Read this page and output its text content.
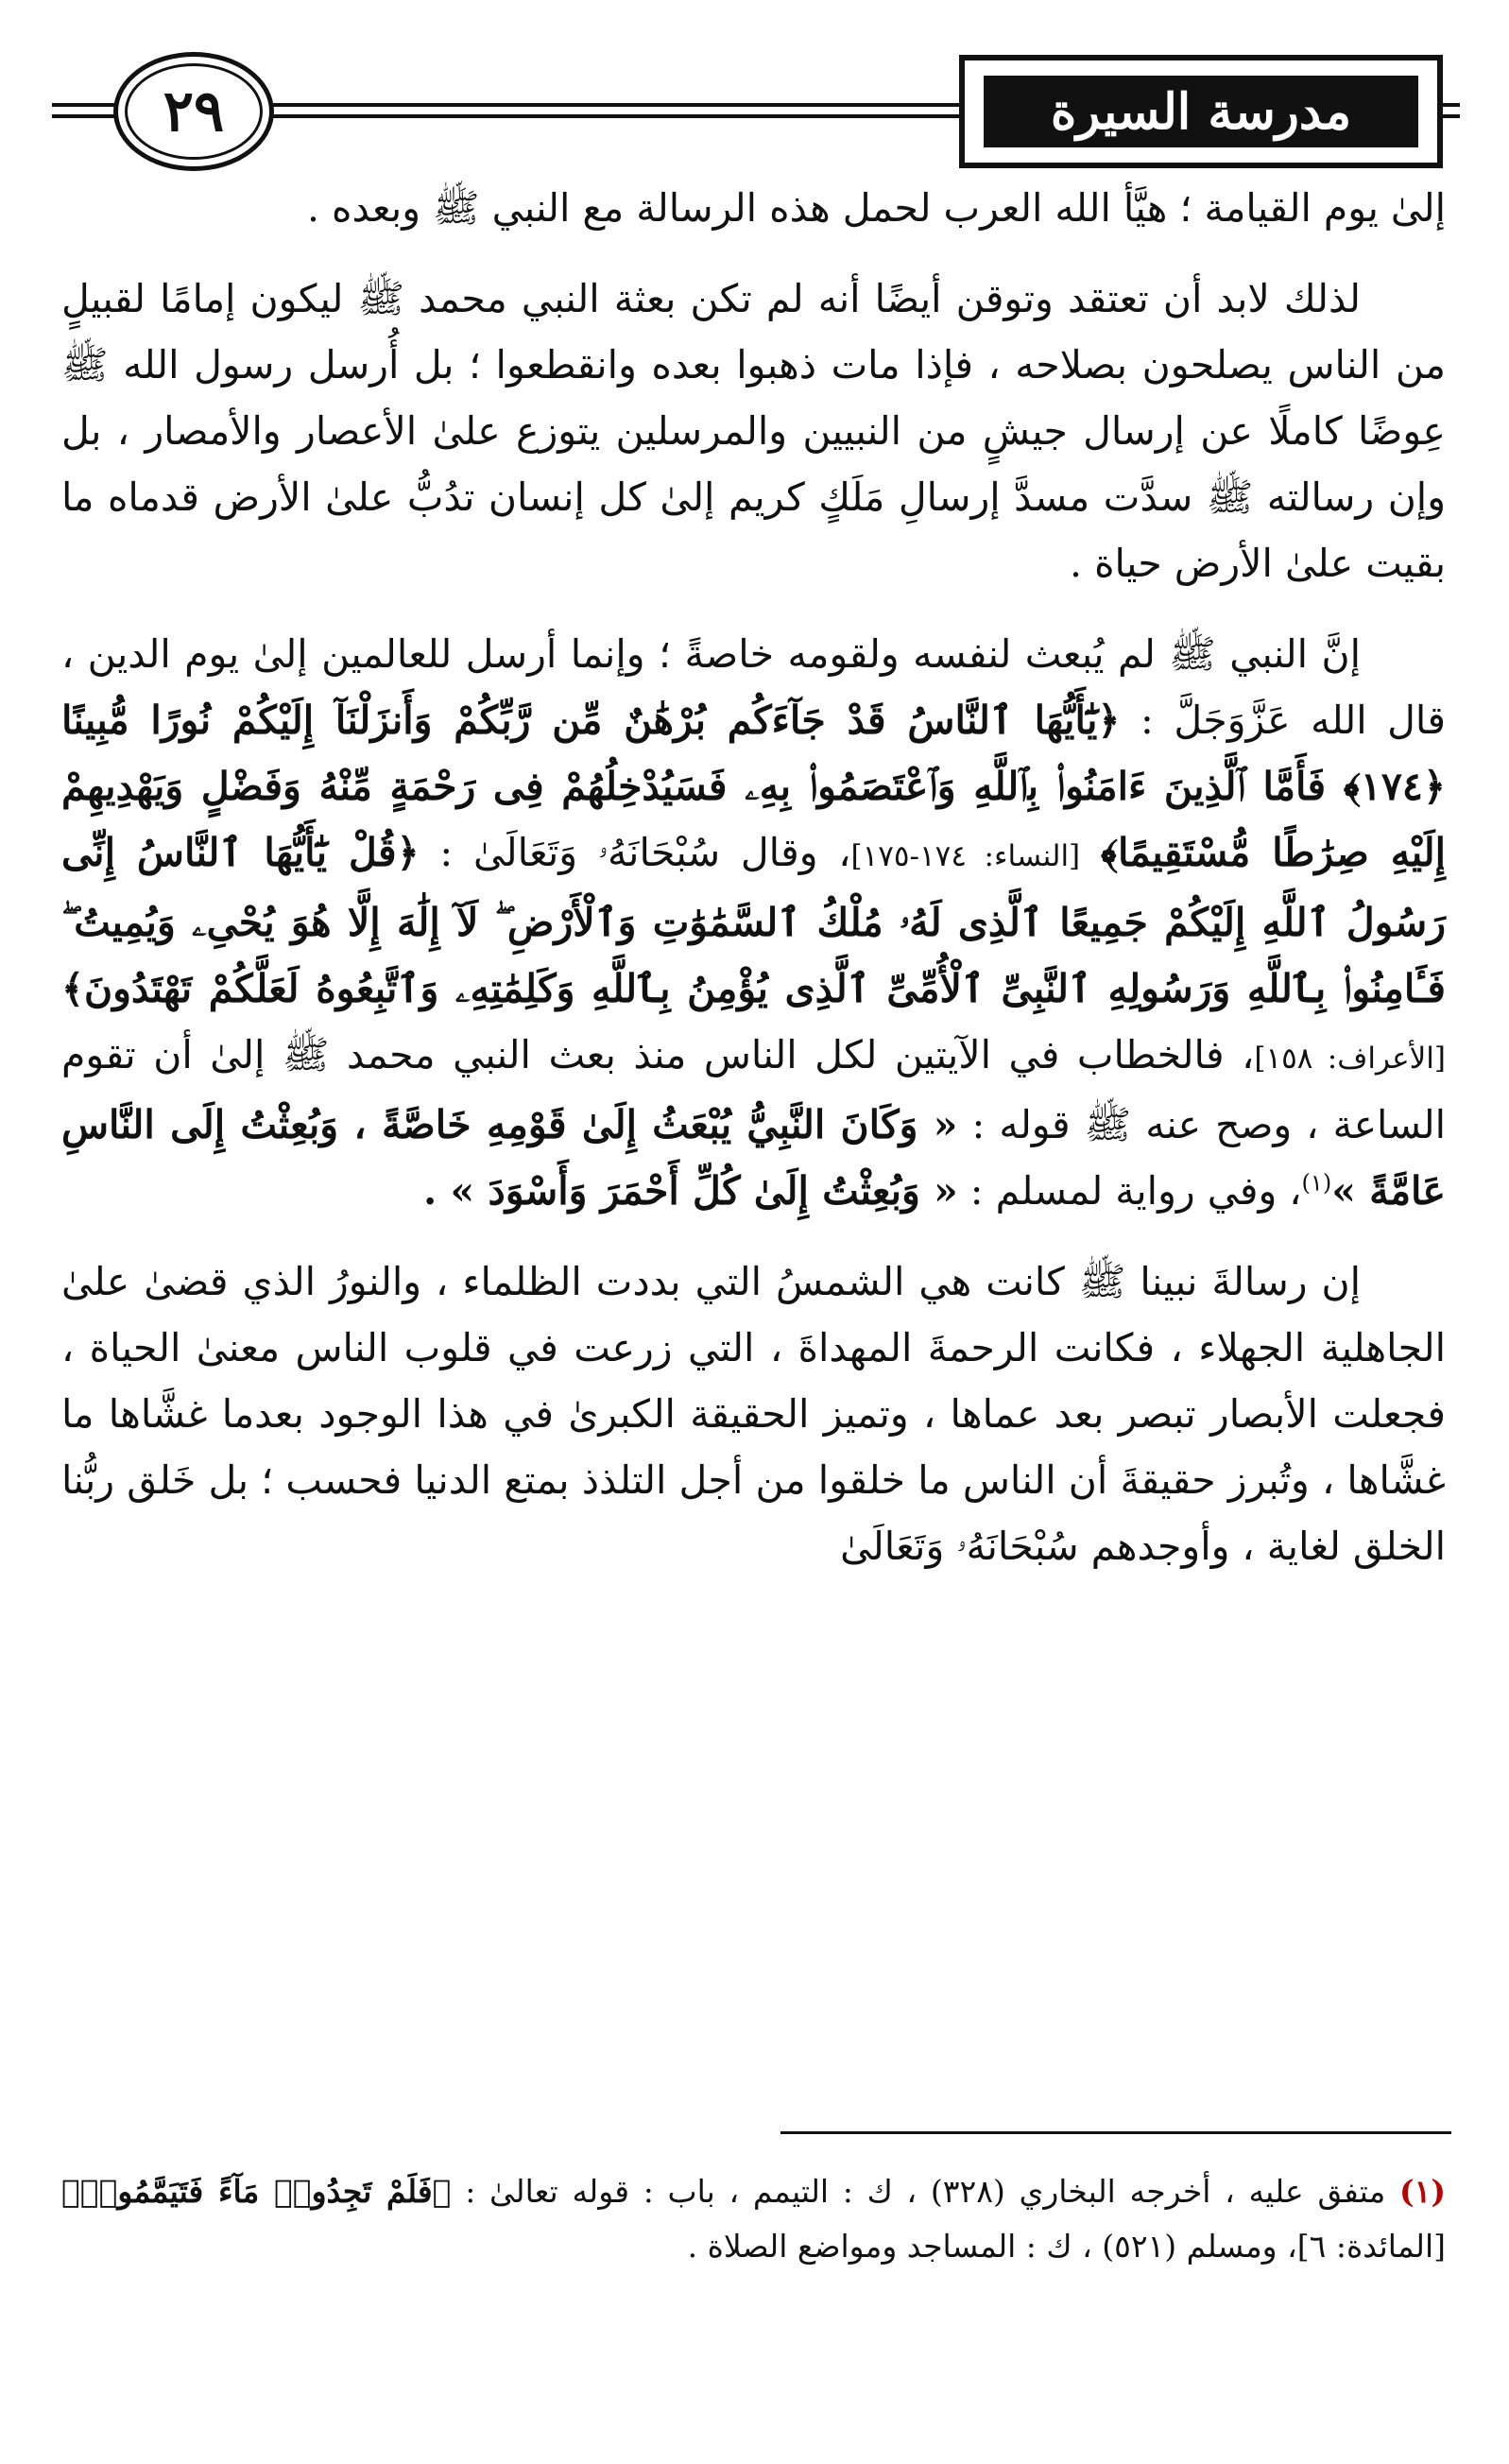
٢٩	مدرسة السيرة

إلىٰ يوم القيامة ؛ هيَّأ الله العرب لحمل هذه الرسالة مع النبي ﷺ وبعده .

لذلك لابد أن تعتقد وتوقن أيضًا أنه لم تكن بعثة النبي محمد ﷺ ليكون إمامًا لقبيلٍ من الناس يصلحون بصلاحه ، فإذا مات ذهبوا بعده وانقطعوا ؛ بل أُرسل رسول الله ﷺ عِوضًا كاملًا عن إرسال جيشٍ من النبيين والمرسلين يتوزع علىٰ الأعصار والأمصار ، بل وإن رسالته ﷺ سدَّت مسدَّ إرسالِ مَلَكٍ كريم إلىٰ كل إنسان تدُبُّ علىٰ الأرض قدماه ما بقيت علىٰ الأرض حياة .

إنَّ النبي ﷺ لم يُبعث لنفسه ولقومه خاصةً ؛ وإنما أرسل للعالمين إلىٰ يوم الدين ، قال الله عَزَّوَجَلَّ : ﴿يَٰٓأَيُّهَا ٱلنَّاسُ قَدْ جَآءَكُم بُرْهَٰنٌ مِّن رَّبِّكُمْ وَأَنزَلْنَآ إِلَيْكُمْ نُورًا مُّبِينًا ﴿١٧٤﴾ فَأَمَّا ٱلَّذِينَ ءَامَنُوا۟ بِٱللَّهِ وَٱعْتَصَمُوا۟ بِهِۦ فَسَيُدْخِلُهُمْ فِى رَحْمَةٍ مِّنْهُ وَفَضْلٍ وَيَهْدِيهِمْ إِلَيْهِ صِرَٰطًا مُّسْتَقِيمًا﴾ [النساء: ١٧٤-١٧٥]، وقال سُبْحَانَهُۥ وَتَعَالَىٰ : ﴿قُلْ يَٰٓأَيُّهَا ٱلنَّاسُ إِنِّى رَسُولُ ٱللَّهِ إِلَيْكُمْ جَمِيعًا ٱلَّذِى لَهُۥ مُلْكُ ٱلسَّمَٰوَٰتِ وَٱلْأَرْضِ ۖ لَآ إِلَٰهَ إِلَّا هُوَ يُحْىِۦ وَيُمِيتُ ۖ فَـَٔامِنُوا۟ بِٱللَّهِ وَرَسُولِهِ ٱلنَّبِىِّ ٱلْأُمِّىِّ ٱلَّذِى يُؤْمِنُ بِٱللَّهِ وَكَلِمَٰتِهِۦ وَٱتَّبِعُوهُ لَعَلَّكُمْ تَهْتَدُونَ﴾ [الأعراف: ١٥٨]، فالخطاب في الآيتين لكل الناس منذ بعث النبي محمد ﷺ إلىٰ أن تقوم الساعة ، وصح عنه ﷺ قوله : « وَكَانَ النَّبِيُّ يُبْعَثُ إِلَىٰ قَوْمِهِ خَاصَّةً ، وَبُعِثْتُ إِلَى النَّاسِ عَامَّةً »$^{(١)}$، وفي رواية لمسلم : « وَبُعِثْتُ إِلَىٰ كُلِّ أَحْمَرَ وَأَسْوَدَ » .

إن رسالةَ نبينا ﷺ كانت هي الشمسُ التي بددت الظلماء ، والنورُ الذي قضىٰ علىٰ الجاهلية الجهلاء ، فكانت الرحمةَ المهداةَ ، التي زرعت في قلوب الناس معنىٰ الحياة ، فجعلت الأبصار تبصر بعد عماها ، وتميز الحقيقة الكبرىٰ في هذا الوجود بعدما غشَّاها ما غشَّاها ، وتُبرز حقيقةَ أن الناس ما خلقوا من أجل التلذذ بمتع الدنيا فحسب ؛ بل خَلق ربُّنا الخلق لغاية ، وأوجدهم سُبْحَانَهُۥ وَتَعَالَىٰ

(١) متفق عليه ، أخرجه البخاري (٣٢٨) ، ك : التيمم ، باب : قوله تعالىٰ : ﴿فَلَمْ تَجِدُوا۟ مَآءً فَتَيَمَّمُوا۟﴾ [المائدة: ٦]، ومسلم (٥٢١) ، ك : المساجد ومواضع الصلاة .
